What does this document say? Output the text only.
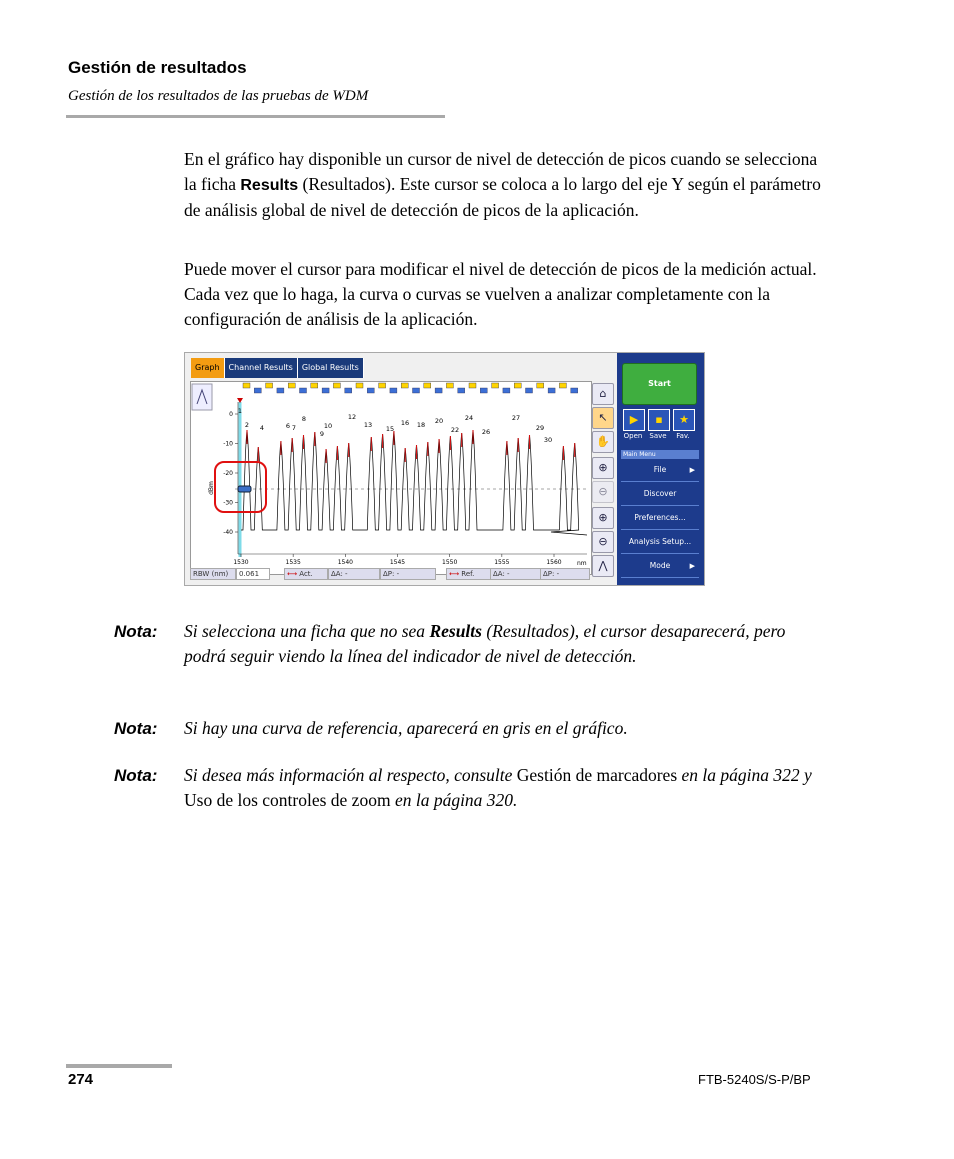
Gestión de resultados
Gestión de los resultados de las pruebas de WDM

En el gráfico hay disponible un cursor de nivel de detección de picos cuando se selecciona la ficha Results (Resultados). Este cursor se coloca a lo largo del eje Y según el parámetro de análisis global de nivel de detección de picos de la aplicación.

Puede mover el cursor para modificar el nivel de detección de picos de la medición actual. Cada vez que lo haga, la curva o curvas se vuelven a analizar completamente con la configuración de análisis de la aplicación.

Graph	Channel Results	Global Results
0
-10
-20
-30
-40
1530	1535	1540	1545	1550	1555	1560
1
2 4	6 7
8
9
10
12
13 15
16 18 20
22
24
26
27
29
30
dBm
nm
RBW (nm)	0.061	⟷ Act.	ΔA: -	ΔP: -	⟷ Ref.	ΔA: -	ΔP: -
⌂
↖
✋
⊕
⊖
⊕
⊖
⋀
Start
▶	▪	★
Open	Save	Fav.
Main Menu
File	▶
Discover
Preferences...
Analysis Setup...
Mode	▶
Nota: Si selecciona una ficha que no sea Results (Resultados), el cursor desaparecerá, pero podrá seguir viendo la línea del indicador de nivel de detección.
Nota: Si hay una curva de referencia, aparecerá en gris en el gráfico.
Nota: Si desea más información al respecto, consulte Gestión de marcadores en la página 322 y Uso de los controles de zoom en la página 320.
274	FTB-5240S/S-P/BP
